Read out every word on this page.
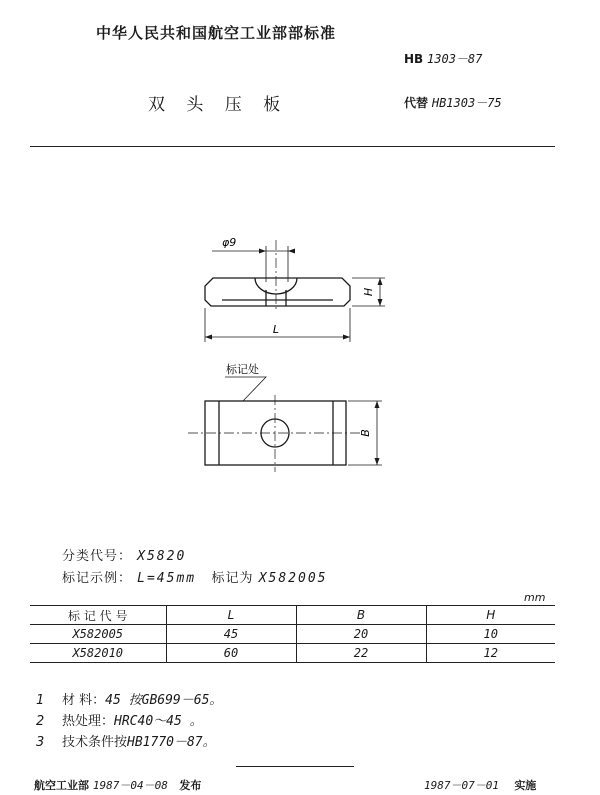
中华人民共和国航空工业部部标准
HB 1303－87
双 头 压 板	代替 HB1303－75
φ9
H
L
B
标记处
分类代号： X5820
标记示例： L=45mm 标记为 X582005
mm
标 记 代 号	L	B	H
X582005	45	20	10
X582010	60	22	12
1 材 料：45 按GB699－65。
2 热处理：HRC40～45 。
3 技术条件按HB1770－87。
航空工业部 1987－04－08 发布	1987－07－01 实施
